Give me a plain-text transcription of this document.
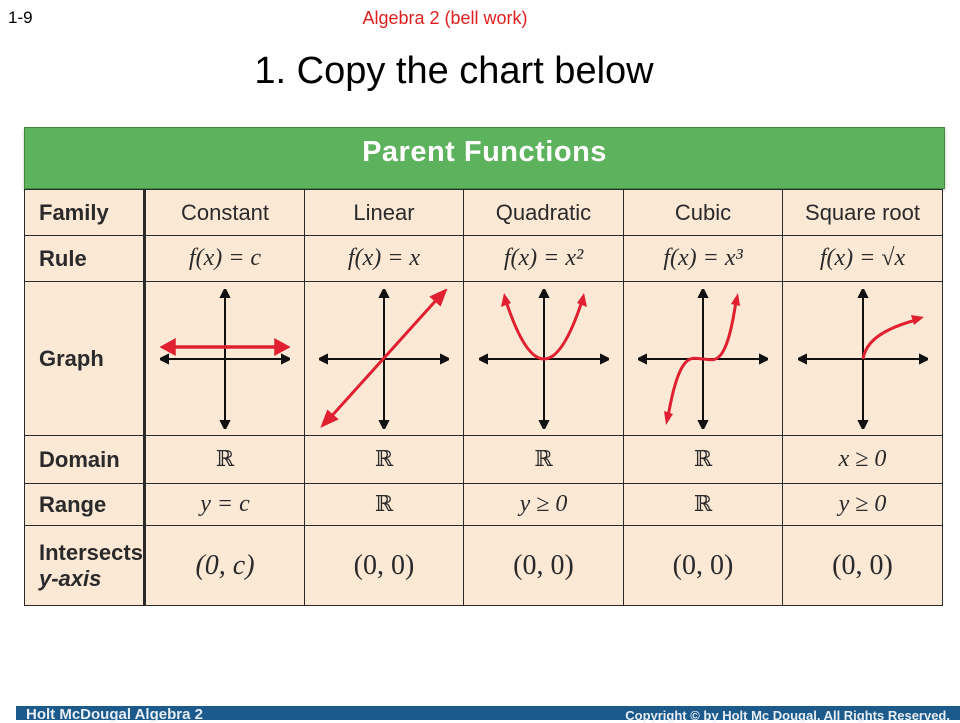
1-9	Algebra 2 (bell work)
1. Copy the chart below
Parent Functions
Family	Constant	Linear	Quadratic	Cubic	Square root
Rule	f(x) = c	f(x) = x	f(x) = x²	f(x) = x³	f(x) = √x
Graph	

Domain	ℝ	ℝ	ℝ	ℝ	x ≥ 0
Range	y = c	ℝ	y ≥ 0	ℝ	y ≥ 0

Intersects
y-axis	(0, c)	(0, 0)	(0, 0)	(0, 0)	(0, 0)
Holt McDougal Algebra 2	Copyright © by Holt Mc Dougal. All Rights Reserved.
